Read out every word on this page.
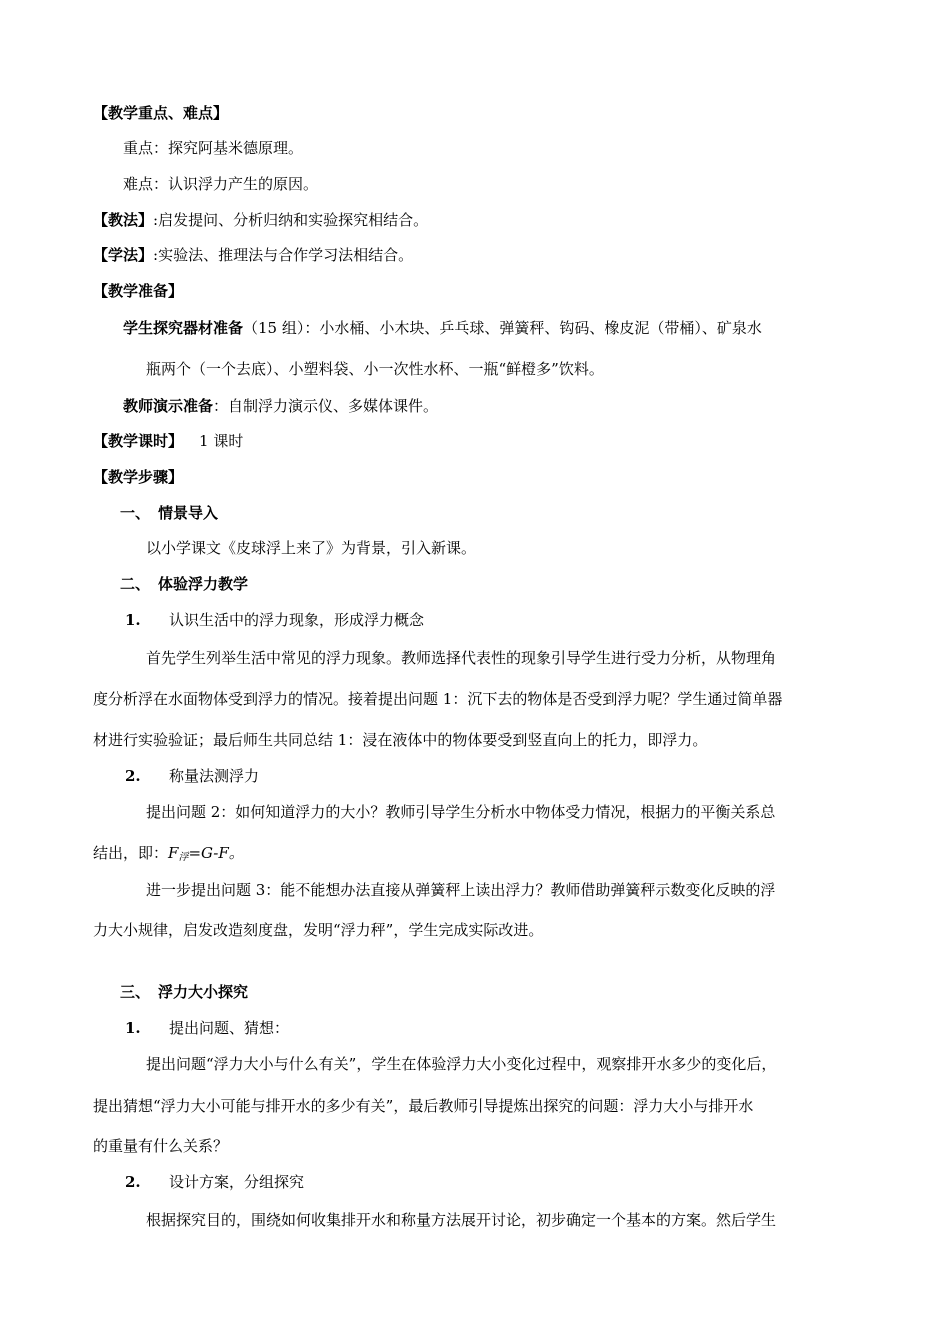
【教学重点、难点】
重点：探究阿基米德原理。
难点：认识浮力产生的原因。
【教法】:启发提问、分析归纳和实验探究相结合。
【学法】:实验法、推理法与合作学习法相结合。
【教学准备】
学生探究器材准备（15 组）：小水桶、小木块、乒乓球、弹簧秤、钩码、橡皮泥（带桶）、矿泉水
瓶两个（一个去底）、小塑料袋、小一次性水杯、一瓶“鲜橙多”饮料。
教师演示准备：自制浮力演示仪、多媒体课件。
【教学课时】 1 课时
【教学步骤】
一、 情景导入
以小学课文《皮球浮上来了》为背景，引入新课。
二、 体验浮力教学
1. 认识生活中的浮力现象，形成浮力概念
首先学生列举生活中常见的浮力现象。教师选择代表性的现象引导学生进行受力分析，从物理角
度分析浮在水面物体受到浮力的情况。接着提出问题 1：沉下去的物体是否受到浮力呢？学生通过简单器
材进行实验验证；最后师生共同总结 1：浸在液体中的物体要受到竖直向上的托力，即浮力。
2. 称量法测浮力
提出问题 2：如何知道浮力的大小？教师引导学生分析水中物体受力情况，根据力的平衡关系总
结出，即：$F_浮=G-F$。
进一步提出问题 3：能不能想办法直接从弹簧秤上读出浮力？教师借助弹簧秤示数变化反映的浮
力大小规律，启发改造刻度盘，发明“浮力秤”，学生完成实际改进。
三、 浮力大小探究
1. 提出问题、猜想：
提出问题“浮力大小与什么有关”，学生在体验浮力大小变化过程中，观察排开水多少的变化后，
提出猜想“浮力大小可能与排开水的多少有关”，最后教师引导提炼出探究的问题：浮力大小与排开水
的重量有什么关系？
2. 设计方案，分组探究
根据探究目的，围绕如何收集排开水和称量方法展开讨论，初步确定一个基本的方案。然后学生
